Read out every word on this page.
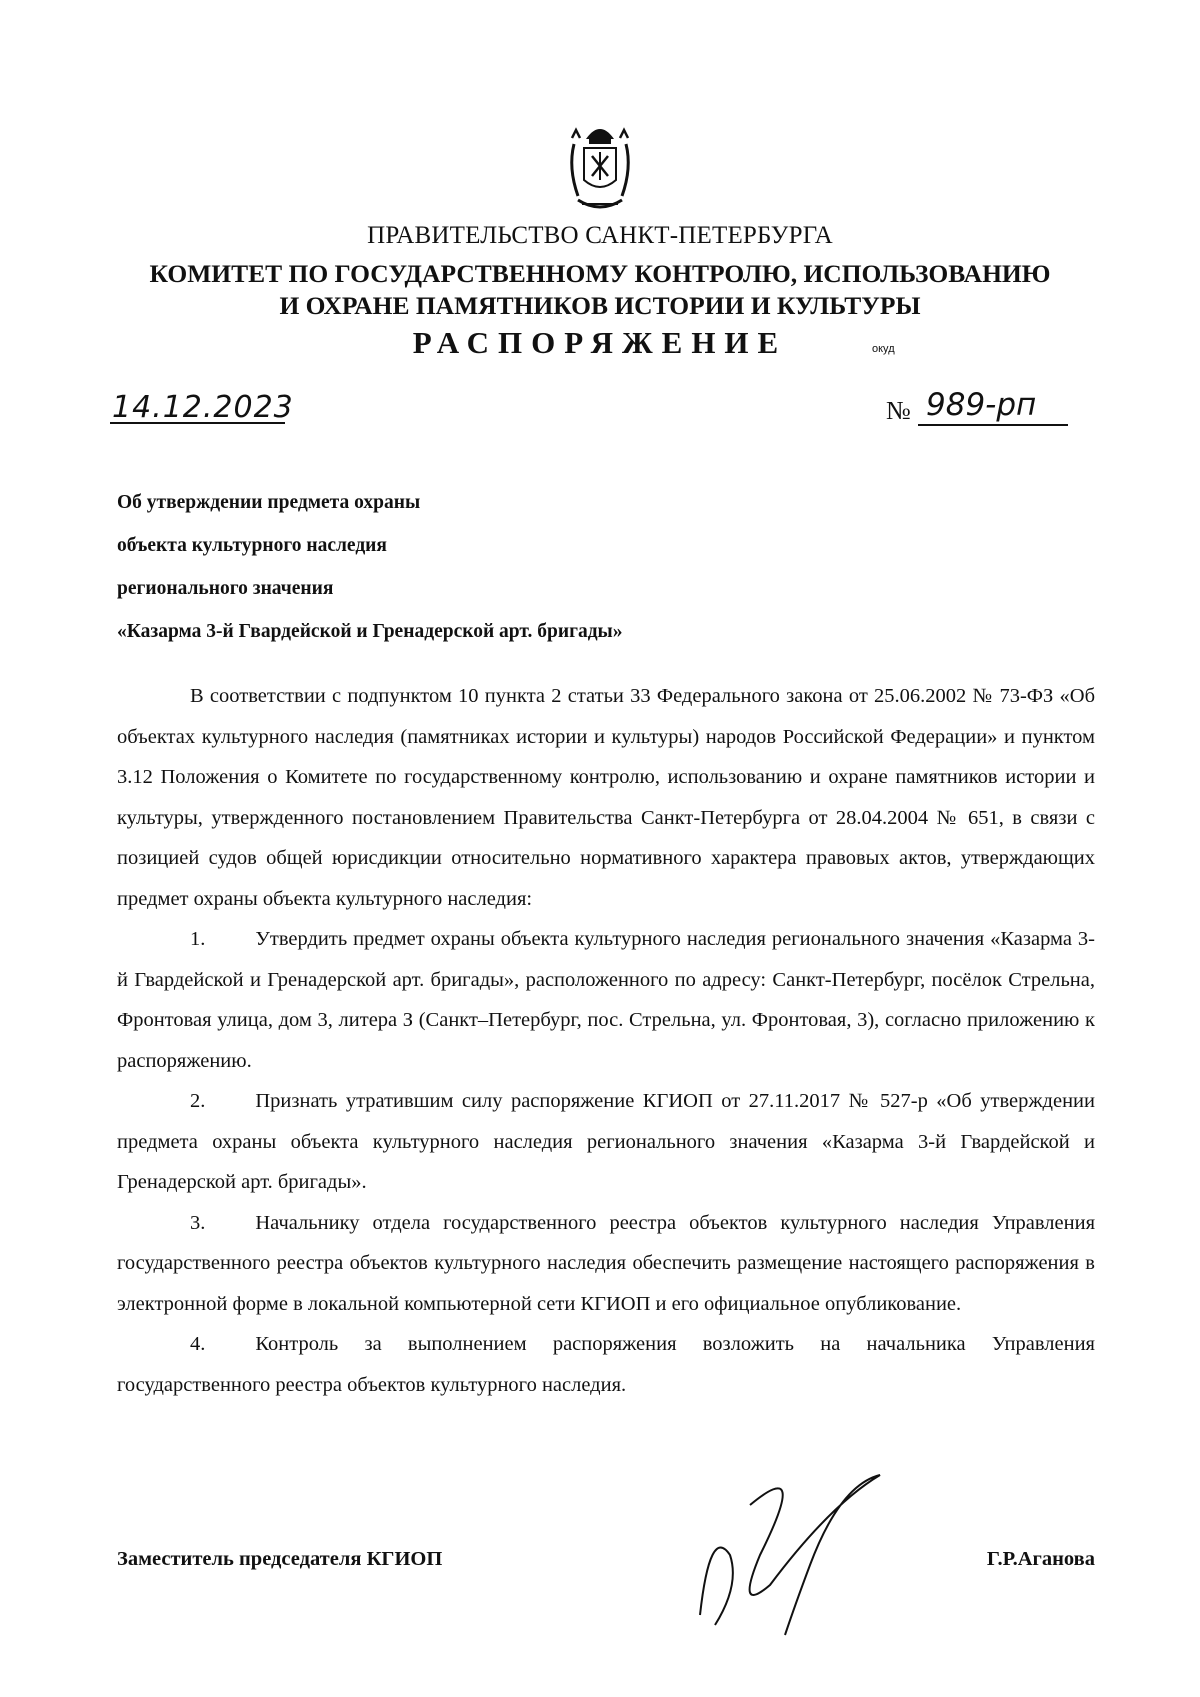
ПРАВИТЕЛЬСТВО САНКТ-ПЕТЕРБУРГА
КОМИТЕТ ПО ГОСУДАРСТВЕННОМУ КОНТРОЛЮ, ИСПОЛЬЗОВАНИЮ
И ОХРАНЕ ПАМЯТНИКОВ ИСТОРИИ И КУЛЬТУРЫ
РАСПОРЯЖЕНИЕ	окуд
14.12.2023	№ 989-рп
Об утверждении предмета охраны
объекта культурного наследия
регионального значения
«Казарма 3-й Гвардейской и Гренадерской арт. бригады»

В соответствии с подпунктом 10 пункта 2 статьи 33 Федерального закона от 25.06.2002 № 73-ФЗ «Об объектах культурного наследия (памятниках истории и культуры) народов Российской Федерации» и пунктом 3.12 Положения о Комитете по государственному контролю, использованию и охране памятников истории и культуры, утвержденного постановлением Правительства Санкт-Петербурга от 28.04.2004 № 651, в связи с позицией судов общей юрисдикции относительно нормативного характера правовых актов, утверждающих предмет охраны объекта культурного наследия:

1. Утвердить предмет охраны объекта культурного наследия регионального значения «Казарма 3-й Гвардейской и Гренадерской арт. бригады», расположенного по адресу: Санкт-Петербург, посёлок Стрельна, Фронтовая улица, дом 3, литера З (Санкт–Петербург, пос. Стрельна, ул. Фронтовая, 3), согласно приложению к распоряжению.

2. Признать утратившим силу распоряжение КГИОП от 27.11.2017 № 527-р «Об утверждении предмета охраны объекта культурного наследия регионального значения «Казарма 3-й Гвардейской и Гренадерской арт. бригады».

3. Начальнику отдела государственного реестра объектов культурного наследия Управления государственного реестра объектов культурного наследия обеспечить размещение настоящего распоряжения в электронной форме в локальной компьютерной сети КГИОП и его официальное опубликование.

4. Контроль за выполнением распоряжения возложить на начальника Управления государственного реестра объектов культурного наследия.

Заместитель председателя КГИОП	Г.Р.Аганова
